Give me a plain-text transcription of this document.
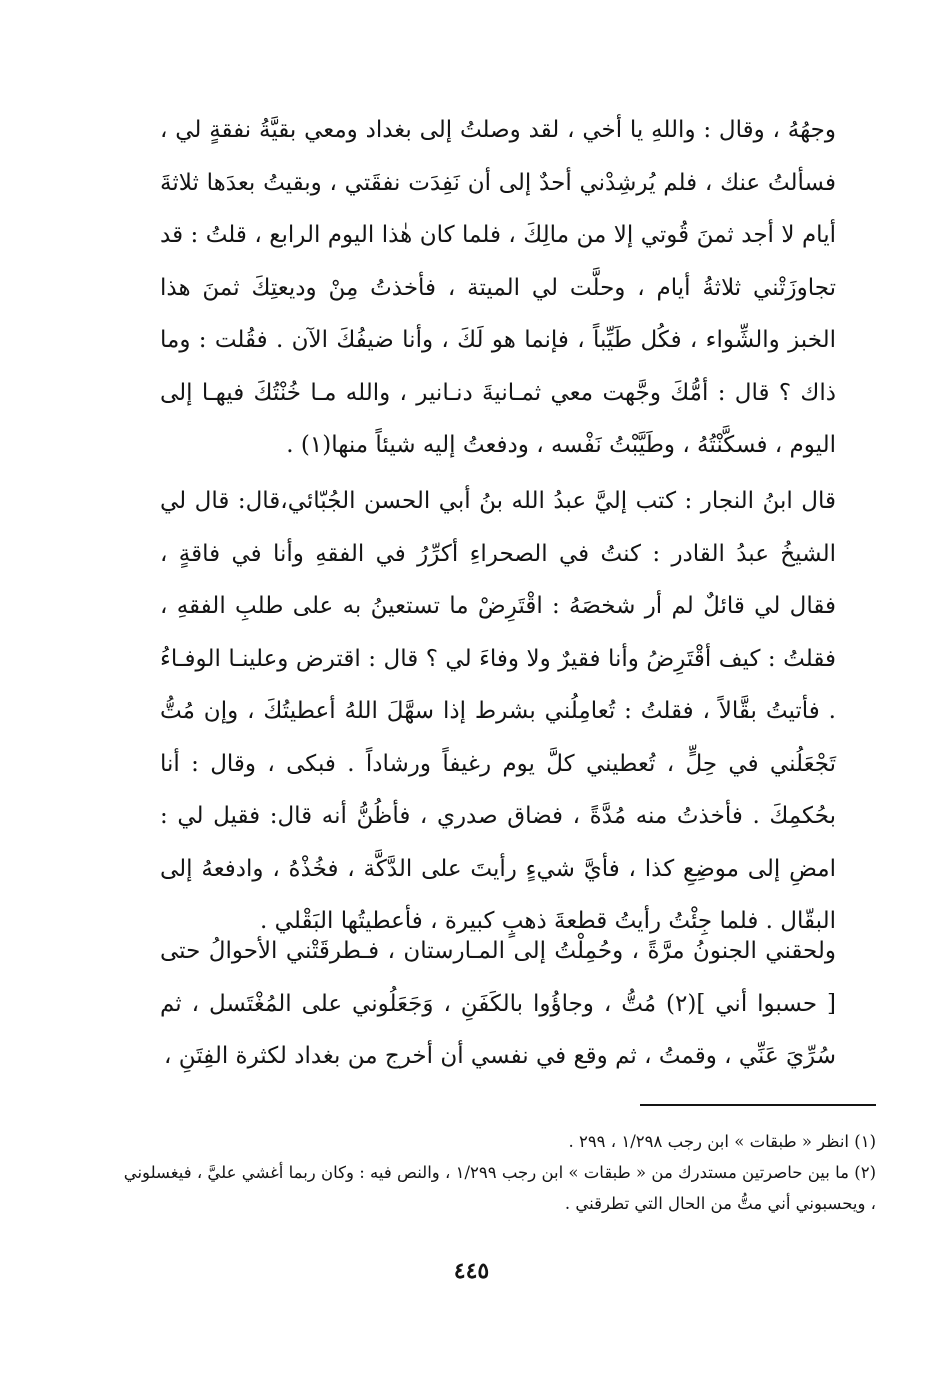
وجهُهُ ، وقال : واللهِ يا أخي ، لقد وصلتُ إلى بغداد ومعي بقيَّةُ نفقةٍ لي ، فسألتُ عنك ، فلم يُرشِدْني أحدٌ إلى أن نَفِدَت نفقَتي ، وبقيتُ بعدَها ثلاثةَ أيام لا أجد ثمنَ قُوتي إلا من مالِكَ ، فلما كان هٰذا اليوم الرابع ، قلتُ : قد تجاوزَتْني ثلاثةُ أيام ، وحلَّت لي الميتة ، فأخذتُ مِنْ وديعتِكَ ثمنَ هذا الخبز والشِّواء ، فكُل طَيِّباً ، فإنما هو لَكَ ، وأنا ضيفُكَ الآن . فقُلت : وما ذاك ؟ قال : أمُّكَ وجَّهت معي ثمـانيةَ دنـانير ، والله مـا خُنْتُكَ فيهـا إلى اليوم ، فسكَّنْتُهُ ، وطَيَّبْتُ نَفْسه ، ودفعتُ إليه شيئاً منها(١) .

قال ابنُ النجار : كتب إليَّ عبدُ الله بنُ أبي الحسن الجُبّائي،قال: قال لي الشيخُ عبدُ القادر : كنتُ في الصحراءِ أكرِّرُ في الفقهِ وأنا في فاقةٍ ، فقال لي قائلٌ لم أر شخصَهُ : اقْتَرِضْ ما تستعينُ به على طلبِ الفقهِ ، فقلتُ : كيف أقْتَرِضُ وأنا فقيرٌ ولا وفاءَ لي ؟ قال : اقترض وعلينـا الوفـاءُ . فأتيتُ بقَّالاً ، فقلتُ : تُعامِلُني بشرط إذا سهَّلَ اللهُ أعطيتُكَ ، وإن مُتُّ تَجْعَلُني في حِلٍّ ، تُعطيني كلَّ يوم رغيفاً ورشاداً . فبكى ، وقال : أنا بحُكمِكَ . فأخذتُ منه مُدَّةً ، فضاق صدري ، فأظُنُّ أنه قال: فقيل لي : امضِ إلى موضِعِ كذا ، فأيَّ شيءٍ رأيتَ على الدَّكَّة ، فخُذْهُ ، وادفعهُ إلى البقّال . فلما جِئْتُ رأيتُ قطعةَ ذهبٍ كبيرة ، فأعطيتُها البَقْلي .

ولحقني الجنونُ مرَّةً ، وحُمِلْتُ إلى المـارستان ، فـطرقَتْني الأحوالُ حتى [ حسبوا أني ](٢) مُتُّ ، وجاؤُوا بالكَفَنِ ، وَجَعَلُوني على المُغْتَسل ، ثم سُرِّيَ عَنِّي ، وقمتُ ، ثم وقع في نفسي أن أخرج من بغداد لكثرة الفِتَنِ ،

(١) انظر « طبقات » ابن رجب ١/٢٩٨ ، ٢٩٩ .

(٢) ما بين حاصرتين مستدرك من « طبقات » ابن رجب ١/٢٩٩ ، والنص فيه : وكان ربما أغشي عليَّ ، فيغسلوني ، ويحسبوني أني متُّ من الحال التي تطرقني .

٤٤٥
